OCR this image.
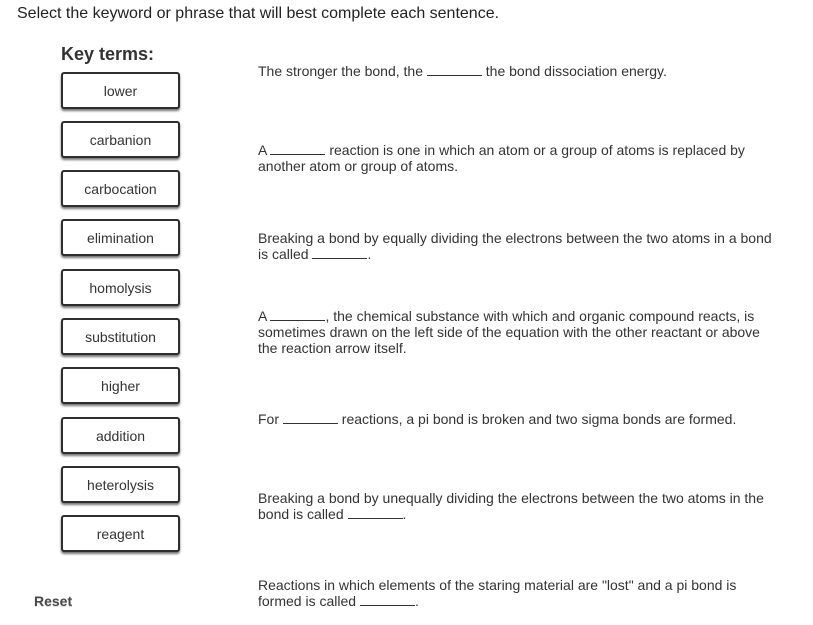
Select the keyword or phrase that will best complete each sentence.
Key terms:
lower
carbanion
carbocation
elimination
homolysis
substitution
higher
addition
heterolysis
reagent
The stronger the bond, the	the bond dissociation energy.
A	reaction is one in which an atom or a group of atoms is replaced by another atom or group of atoms.
Breaking a bond by equally dividing the electrons between the two atoms in a bond is called	.
A	, the chemical substance with which and organic compound reacts, is sometimes drawn on the left side of the equation with the other reactant or above the reaction arrow itself.
For	reactions, a pi bond is broken and two sigma bonds are formed.
Breaking a bond by unequally dividing the electrons between the two atoms in the bond is called	.
Reactions in which elements of the staring material are "lost" and a pi bond is formed is called	.
Reset
